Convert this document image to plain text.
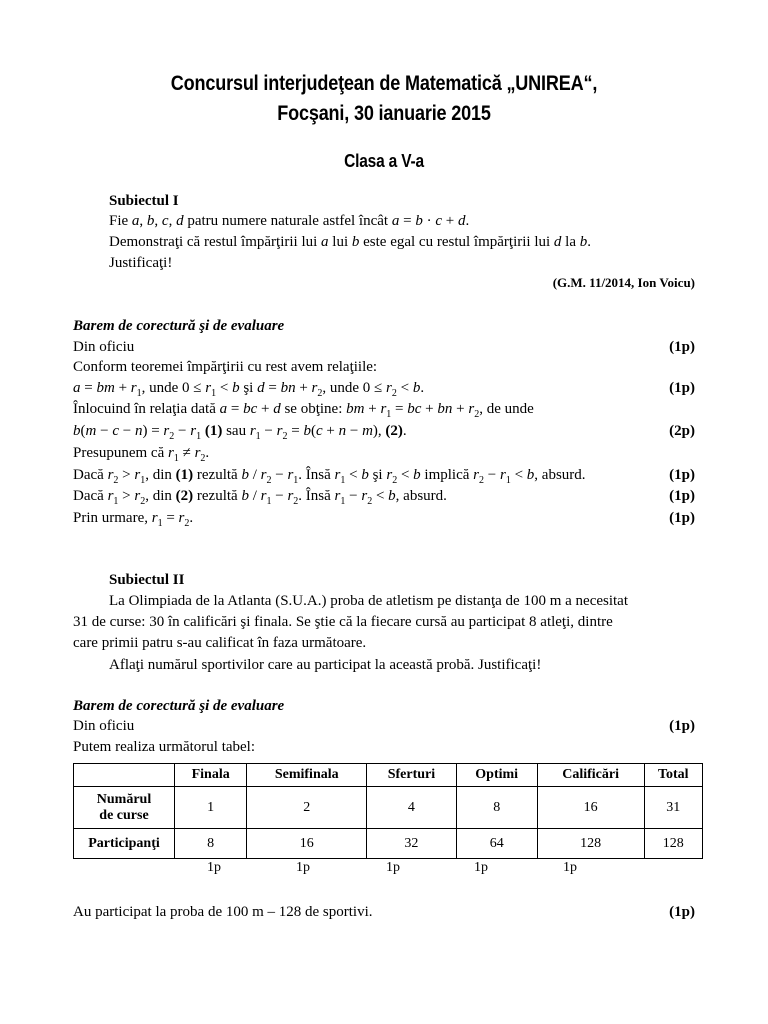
Concursul interjudeţean de Matematică „UNIREA“,
Focşani, 30 ianuarie 2015
Clasa a V-a
Subiectul I
Fie a, b, c, d patru numere naturale astfel încât a = b · c + d.
Demonstraţi că restul împărţirii lui a lui b este egal cu restul împărţirii lui d la b.
Justificaţi!
(G.M. 11/2014, Ion Voicu)
Barem de corectură şi de evaluare
Din oficiu	(1p)
Conform teoremei împărţirii cu rest avem relaţiile:
a = bm + $r_1$, unde $0 \le r_1 < b$ şi d = bn + $r_2$, unde $0 \le r_2 < b$.	(1p)
Înlocuind în relaţia dată a = bc + d se obţine: bm + $r_1$ = bc + bn + $r_2$, de unde
$b(m - c - n) = r_2 - r_1$ (1) sau $r_1 - r_2 = b(c + n - m)$, (2).	(2p)
Presupunem că $r_1 \ne r_2$.
Dacă $r_2 > r_1$, din (1) rezultă $b / r_2 - r_1$. Însă $r_1 < b$ şi $r_2 < b$ implică $r_2 - r_1 < b$, absurd.	(1p)
Dacă $r_1 > r_2$, din (2) rezultă $b / r_1 - r_2$. Însă $r_1 - r_2 < b$, absurd.	(1p)
Prin urmare, $r_1 = r_2$.	(1p)
Subiectul II
La Olimpiada de la Atlanta (S.U.A.) proba de atletism pe distanţa de 100 m a necesitat
31 de curse: 30 în calificări şi finala. Se ştie că la fiecare cursă au participat 8 atleţi, dintre
care primii patru s-au calificat în faza următoare.
Aflaţi numărul sportivilor care au participat la această probă. Justificaţi!
Barem de corectură şi de evaluare
Din oficiu	(1p)
Putem realiza următorul tabel:
	Finala	Semifinala	Sferturi	Optimi	Calificări	Total
Numărul
de curse	1	2	4	8	16	31
Participanţi	8	16	32	64	128	128
1p	1p	1p	1p	1p
Au participat la proba de 100 m – 128 de sportivi.	(1p)
